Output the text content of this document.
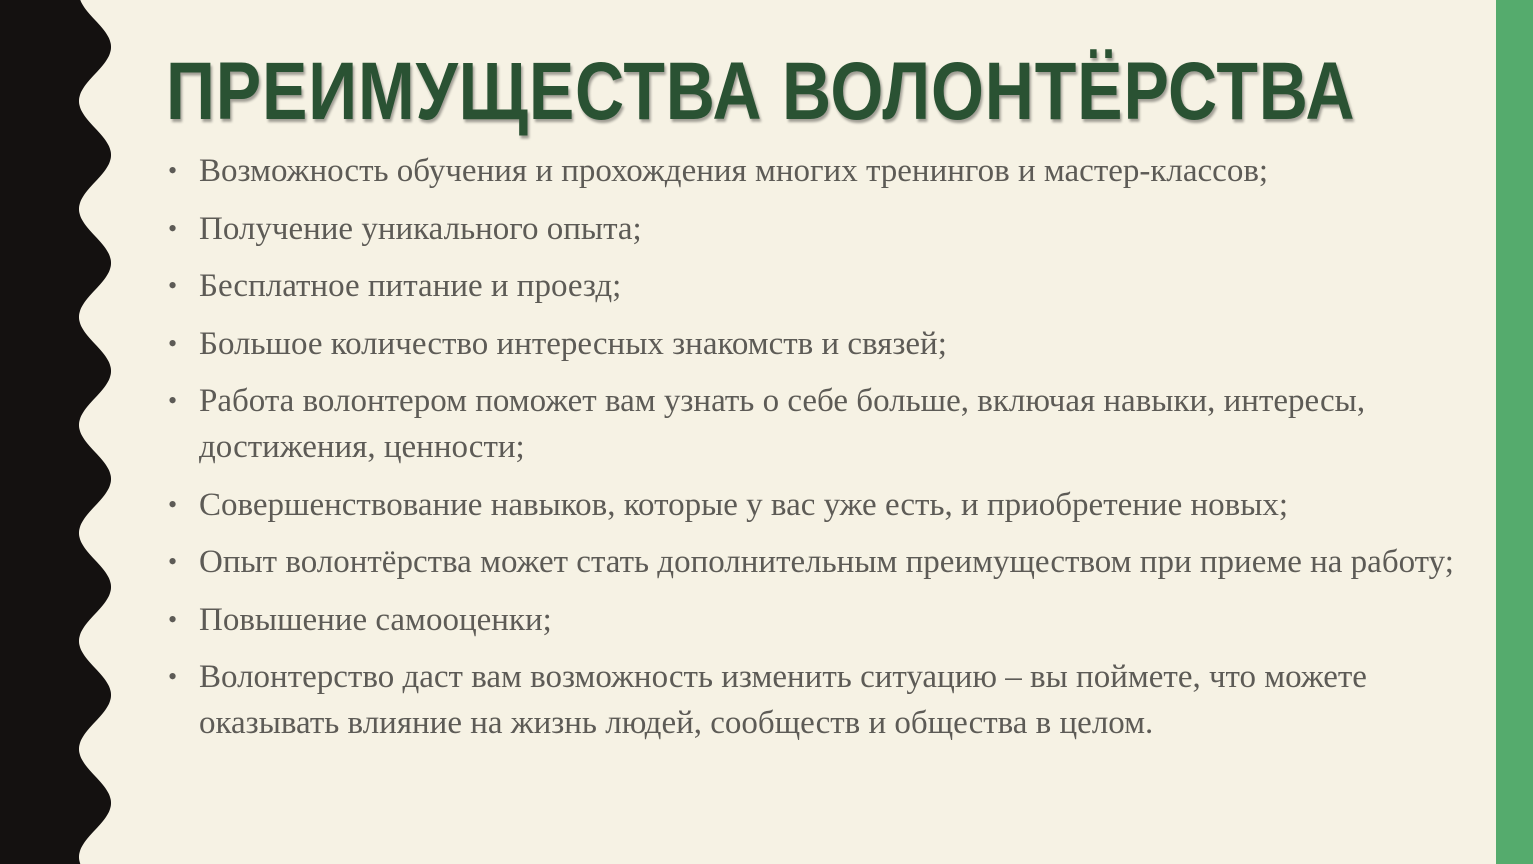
ПРЕИМУЩЕСТВА ВОЛОНТЁРСТВА
• Возможность обучения и прохождения многих тренингов и мастер-классов;
• Получение уникального опыта;
• Бесплатное питание и проезд;
• Большое количество интересных знакомств и связей;
• Работа волонтером поможет вам узнать о себе больше, включая навыки, интересы, достижения, ценности;
• Совершенствование навыков, которые у вас уже есть, и приобретение новых;
• Опыт волонтёрства может стать дополнительным преимуществом при приеме на работу;
• Повышение самооценки;
• Волонтерство даст вам возможность изменить ситуацию – вы поймете, что можете оказывать влияние на жизнь людей, сообществ и общества в целом.
